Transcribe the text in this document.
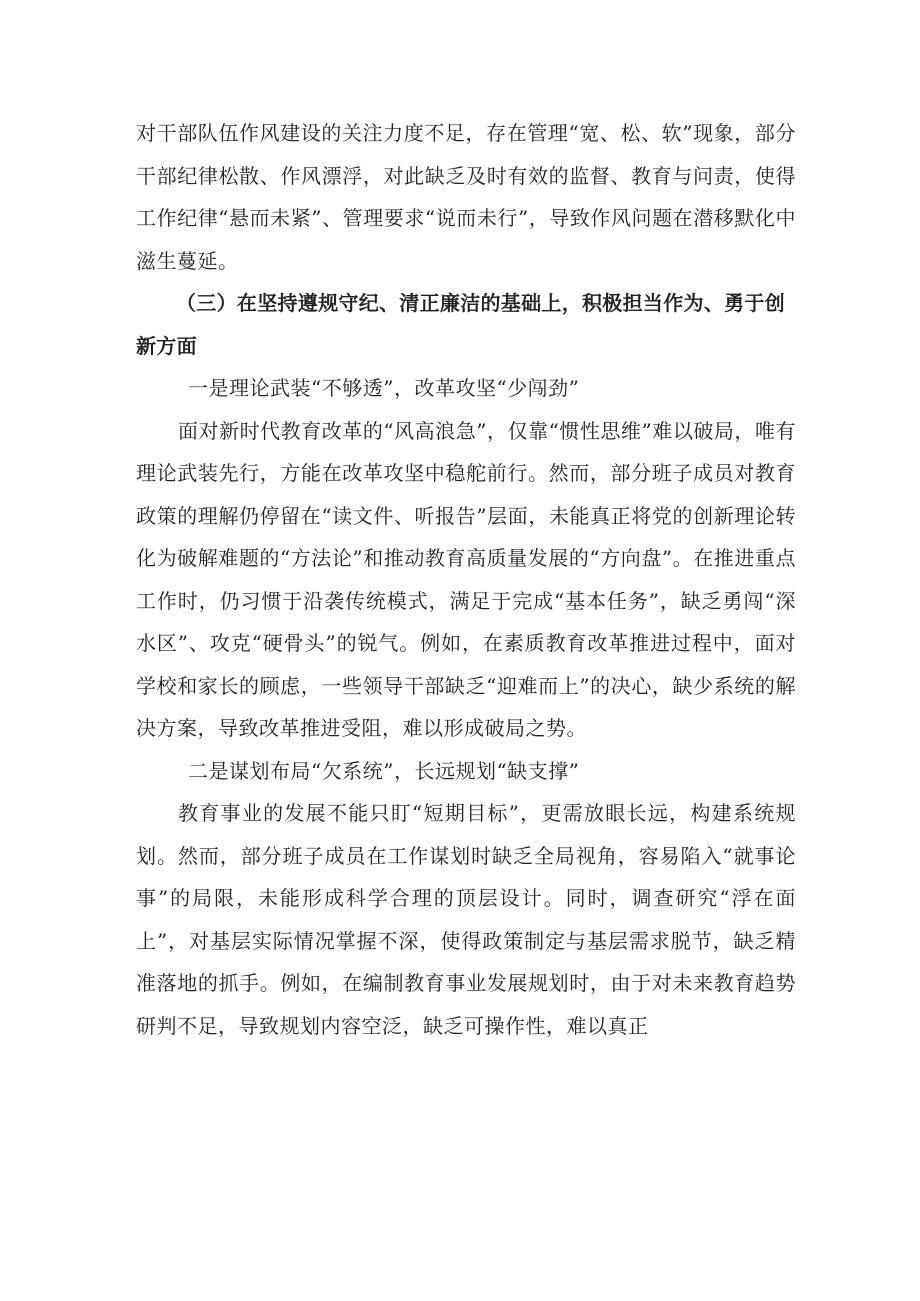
对干部队伍作风建设的关注力度不足，存在管理“宽、松、软”现象，部分干部纪律松散、作风漂浮，对此缺乏及时有效的监督、教育与问责，使得工作纪律“悬而未紧”、管理要求“说而未行”，导致作风问题在潜移默化中滋生蔓延。

（三）在坚持遵规守纪、清正廉洁的基础上，积极担当作为、勇于创新方面

一是理论武装“不够透”，改革攻坚“少闯劲”

面对新时代教育改革的“风高浪急”，仅靠“惯性思维”难以破局，唯有理论武装先行，方能在改革攻坚中稳舵前行。然而，部分班子成员对教育政策的理解仍停留在“读文件、听报告”层面，未能真正将党的创新理论转化为破解难题的“方法论”和推动教育高质量发展的“方向盘”。在推进重点工作时，仍习惯于沿袭传统模式，满足于完成“基本任务”，缺乏勇闯“深水区”、攻克“硬骨头”的锐气。例如，在素质教育改革推进过程中，面对学校和家长的顾虑，一些领导干部缺乏“迎难而上”的决心，缺少系统的解决方案，导致改革推进受阻，难以形成破局之势。

二是谋划布局“欠系统”，长远规划“缺支撑”

教育事业的发展不能只盯“短期目标”，更需放眼长远，构建系统规划。然而，部分班子成员在工作谋划时缺乏全局视角，容易陷入“就事论事”的局限，未能形成科学合理的顶层设计。同时，调查研究“浮在面上”，对基层实际情况掌握不深，使得政策制定与基层需求脱节，缺乏精准落地的抓手。例如，在编制教育事业发展规划时，由于对未来教育趋势研判不足，导致规划内容空泛，缺乏可操作性，难以真正
